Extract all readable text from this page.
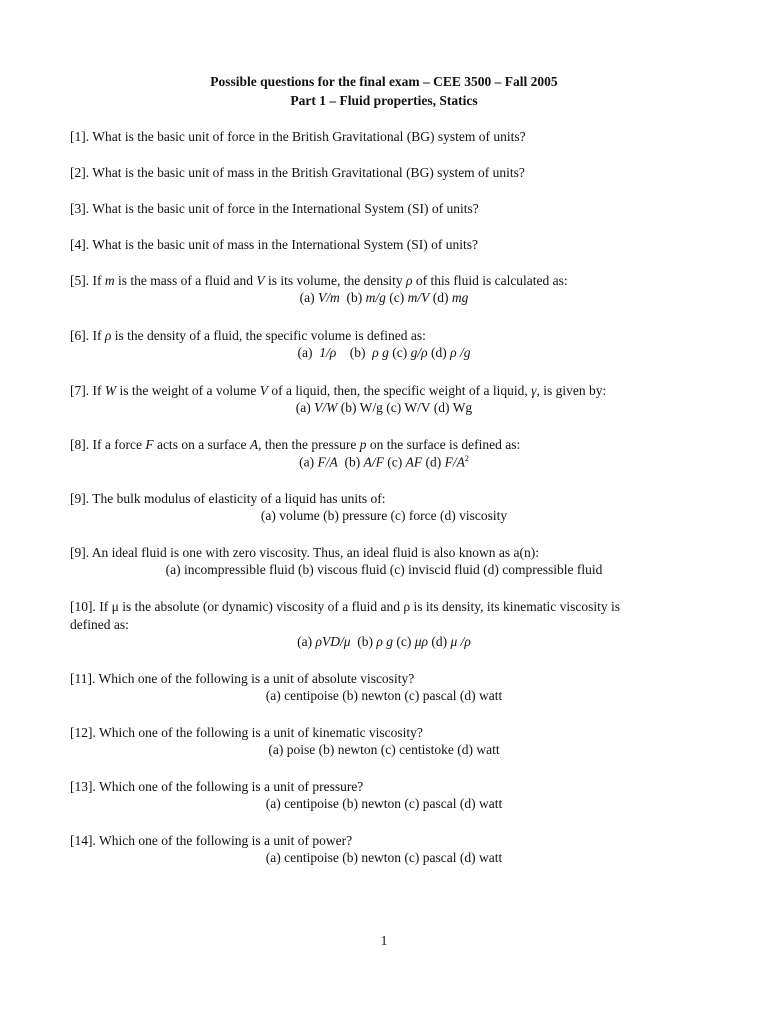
Possible questions for the final exam – CEE 3500 – Fall 2005
Part 1 – Fluid properties, Statics
[1]. What is the basic unit of force in the British Gravitational (BG) system of units?
[2]. What is the basic unit of mass in the British Gravitational (BG) system of units?
[3]. What is the basic unit of force in the International System (SI) of units?
[4]. What is the basic unit of mass in the International System (SI) of units?
[5]. If m is the mass of a fluid and V is its volume, the density ρ of this fluid is calculated as:
(a) V/m (b) m/g (c) m/V (d) mg
[6]. If ρ is the density of a fluid, the specific volume is defined as:
(a) 1/ρ (b) ρ g (c) g/ρ (d) ρ /g
[7]. If W is the weight of a volume V of a liquid, then, the specific weight of a liquid, γ, is given by:
(a) V/W (b) W/g (c) W/V (d) Wg
[8]. If a force F acts on a surface A, then the pressure p on the surface is defined as:
(a) F/A (b) A/F (c) AF (d) $F/A^2$
[9]. The bulk modulus of elasticity of a liquid has units of:
(a) volume (b) pressure (c) force (d) viscosity
[9]. An ideal fluid is one with zero viscosity. Thus, an ideal fluid is also known as a(n):
(a) incompressible fluid (b) viscous fluid (c) inviscid fluid (d) compressible fluid
[10]. If μ is the absolute (or dynamic) viscosity of a fluid and ρ is its density, its kinematic viscosity is
defined as:
(a) ρVD/μ (b) ρ g (c) μρ (d) μ /ρ
[11]. Which one of the following is a unit of absolute viscosity?
(a) centipoise (b) newton (c) pascal (d) watt
[12]. Which one of the following is a unit of kinematic viscosity?
(a) poise (b) newton (c) centistoke (d) watt
[13]. Which one of the following is a unit of pressure?
(a) centipoise (b) newton (c) pascal (d) watt
[14]. Which one of the following is a unit of power?
(a) centipoise (b) newton (c) pascal (d) watt
1
